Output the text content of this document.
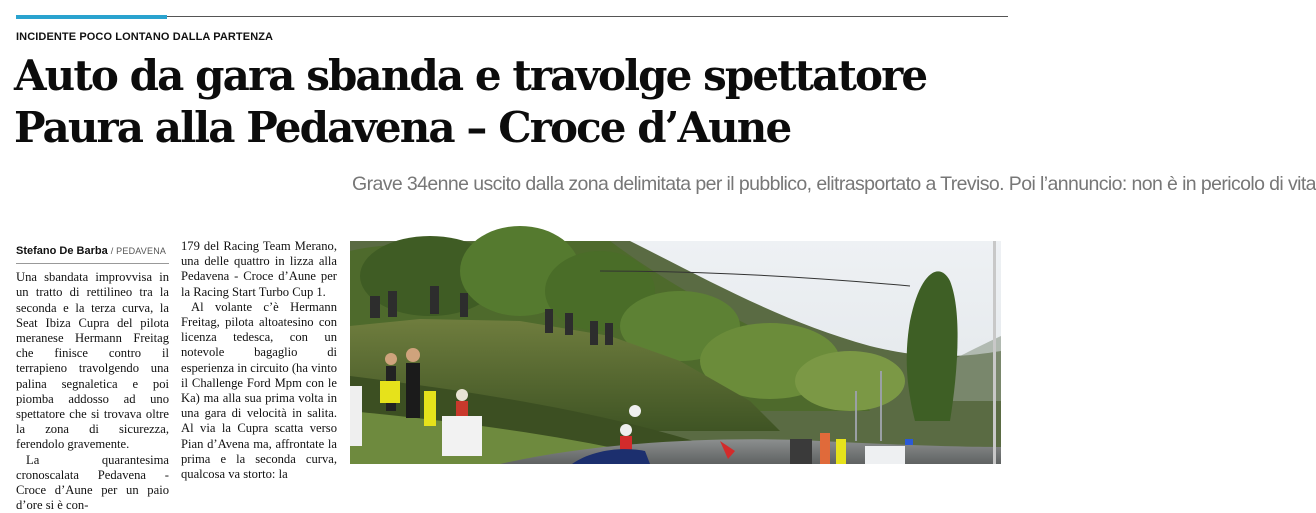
INCIDENTE POCO LONTANO DALLA PARTENZA
Auto da gara sbanda e travolge spettatore
Paura alla Pedavena – Croce d’Aune
Grave 34enne uscito dalla zona delimitata per il pubblico, elitrasportato a Treviso. Poi l’annuncio: non è in pericolo di vita
Stefano De Barba / PEDAVENA

Una sbandata improvvisa in un tratto di rettilineo tra la seconda e la terza curva, la Seat Ibiza Cupra del pilota meranese Hermann Freitag che finisce contro il terrapieno travolgendo una palina segnaletica e poi piomba addosso ad uno spettatore che si trovava oltre la zona di sicurezza, ferendolo gravemente.

La quarantesima cronoscalata Pedavena - Croce d’Aune per un paio d’ore si è con-

179 del Racing Team Merano, una delle quattro in lizza alla Pedavena - Croce d’Aune per la Racing Start Turbo Cup 1.

Al volante c’è Hermann Freitag, pilota altoatesino con licenza tedesca, con un notevole bagaglio di esperienza in circuito (ha vinto il Challenge Ford Mpm con le Ka) ma alla sua prima volta in una gara di velocità in salita. Al via la Cupra scatta verso Pian d’Avena ma, affrontate la prima e la seconda curva, qualcosa va storto: la
